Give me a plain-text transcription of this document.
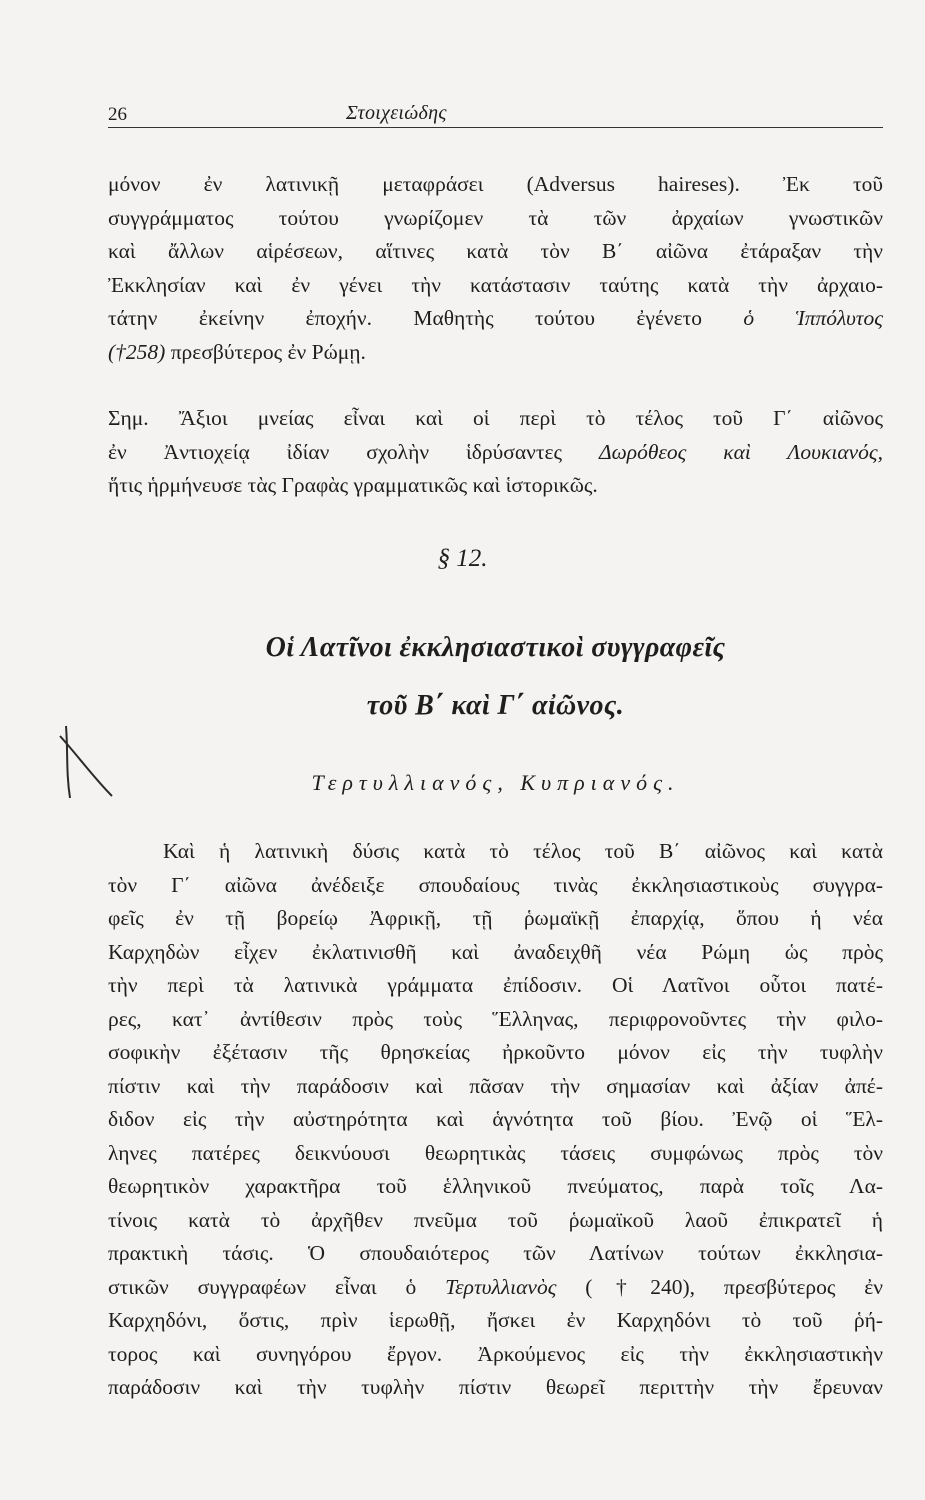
26	Στοιχειώδης
μόνον ἐν λατινικῇ μεταφράσει (Adversus haireses). Ἐκ τοῦ
συγγράμματος τούτου γνωρίζομεν τὰ τῶν ἀρχαίων γνωστικῶν
καὶ ἄλλων αἱρέσεων, αἵτινες κατὰ τὸν Β΄ αἰῶνα ἐτάραξαν τὴν
Ἐκκλησίαν καὶ ἐν γένει τὴν κατάστασιν ταύτης κατὰ τὴν ἀρχαιο-
τάτην ἐκείνην ἐποχήν. Μαθητὴς τούτου ἐγένετο ὁ Ἱππόλυτος
(†258) πρεσβύτερος ἐν Ρώμῃ.
Σημ. Ἄξιοι μνείας εἶναι καὶ οἱ περὶ τὸ τέλος τοῦ Γ΄ αἰῶνος
ἐν Ἀντιοχείᾳ ἰδίαν σχολὴν ἱδρύσαντες Δωρόθεος καὶ Λουκιανός,
ἥτις ἡρμήνευσε τὰς Γραφὰς γραμματικῶς καὶ ἱστορικῶς.
§ 12.
Οἱ Λατῖνοι ἐκκλησιαστικοὶ συγγραφεῖς
τοῦ Β΄ καὶ Γ΄ αἰῶνος.
Τερτυλλιανός, Κυπριανός.
Καὶ ἡ λατινικὴ δύσις κατὰ τὸ τέλος τοῦ Β΄ αἰῶνος καὶ κατὰ
τὸν Γ΄ αἰῶνα ἀνέδειξε σπουδαίους τινὰς ἐκκλησιαστικοὺς συγγρα-
φεῖς ἐν τῇ βορείῳ Ἀφρικῇ, τῇ ῥωμαϊκῇ ἐπαρχίᾳ, ὅπου ἡ νέα
Καρχηδὼν εἶχεν ἐκλατινισθῆ καὶ ἀναδειχθῆ νέα Ρώμη ὡς πρὸς
τὴν περὶ τὰ λατινικὰ γράμματα ἐπίδοσιν. Οἱ Λατῖνοι οὗτοι πατέ-
ρες, κατ᾽ ἀντίθεσιν πρὸς τοὺς Ἕλληνας, περιφρονοῦντες τὴν φιλο-
σοφικὴν ἐξέτασιν τῆς θρησκείας ἠρκοῦντο μόνον εἰς τὴν τυφλὴν
πίστιν καὶ τὴν παράδοσιν καὶ πᾶσαν τὴν σημασίαν καὶ ἀξίαν ἀπέ-
διδον εἰς τὴν αὐστηρότητα καὶ ἁγνότητα τοῦ βίου. Ἐνῷ οἱ Ἕλ-
ληνες πατέρες δεικνύουσι θεωρητικὰς τάσεις συμφώνως πρὸς τὸν
θεωρητικὸν χαρακτῆρα τοῦ ἑλληνικοῦ πνεύματος, παρὰ τοῖς Λα-
τίνοις κατὰ τὸ ἀρχῆθεν πνεῦμα τοῦ ῥωμαϊκοῦ λαοῦ ἐπικρατεῖ ἡ
πρακτικὴ τάσις. Ὁ σπουδαιότερος τῶν Λατίνων τούτων ἐκκλησια-
στικῶν συγγραφέων εἶναι ὁ Τερτυλλιανὸς (†240), πρεσβύτερος ἐν
Καρχηδόνι, ὅστις, πρὶν ἱερωθῇ, ἤσκει ἐν Καρχηδόνι τὸ τοῦ ῥή-
τορος καὶ συνηγόρου ἔργον. Ἀρκούμενος εἰς τὴν ἐκκλησιαστικὴν
παράδοσιν καὶ τὴν τυφλὴν πίστιν θεωρεῖ περιττὴν τὴν ἔρευναν
